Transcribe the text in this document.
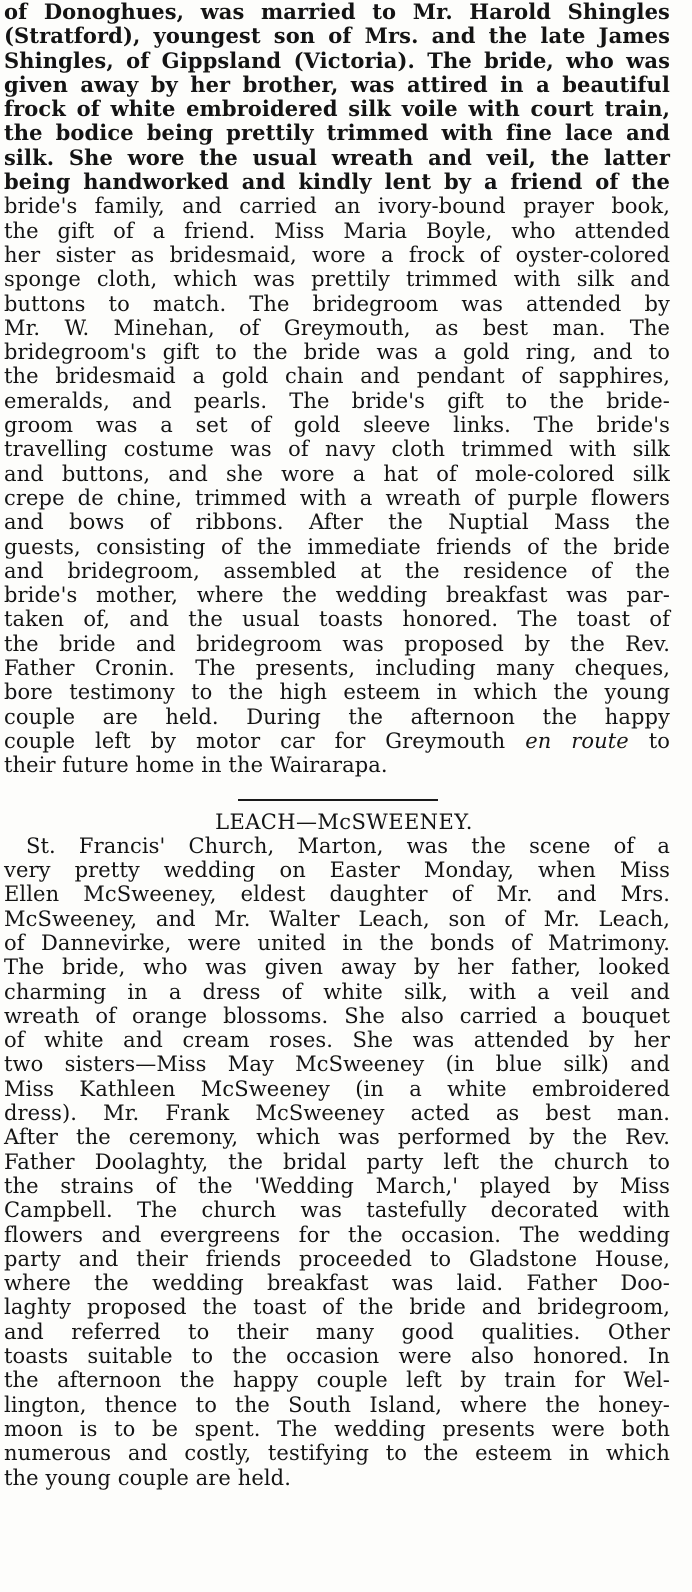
of Donoghues, was married to Mr. Harold Shingles
(Stratford), youngest son of Mrs. and the late James
Shingles, of Gippsland (Victoria). The bride, who was
given away by her brother, was attired in a beautiful
frock of white embroidered silk voile with court train,
the bodice being prettily trimmed with fine lace and
silk. She wore the usual wreath and veil, the latter
being handworked and kindly lent by a friend of the
bride's family, and carried an ivory-bound prayer book,
the gift of a friend. Miss Maria Boyle, who attended
her sister as bridesmaid, wore a frock of oyster-colored
sponge cloth, which was prettily trimmed with silk and
buttons to match. The bridegroom was attended by
Mr. W. Minehan, of Greymouth, as best man. The
bridegroom's gift to the bride was a gold ring, and to
the bridesmaid a gold chain and pendant of sapphires,
emeralds, and pearls. The bride's gift to the bride-
groom was a set of gold sleeve links. The bride's
travelling costume was of navy cloth trimmed with silk
and buttons, and she wore a hat of mole-colored silk
crepe de chine, trimmed with a wreath of purple flowers
and bows of ribbons. After the Nuptial Mass the
guests, consisting of the immediate friends of the bride
and bridegroom, assembled at the residence of the
bride's mother, where the wedding breakfast was par-
taken of, and the usual toasts honored. The toast of
the bride and bridegroom was proposed by the Rev.
Father Cronin. The presents, including many cheques,
bore testimony to the high esteem in which the young
couple are held. During the afternoon the happy
couple left by motor car for Greymouth en route to
their future home in the Wairarapa.
LEACH—McSWEENEY.
St. Francis' Church, Marton, was the scene of a
very pretty wedding on Easter Monday, when Miss
Ellen McSweeney, eldest daughter of Mr. and Mrs.
McSweeney, and Mr. Walter Leach, son of Mr. Leach,
of Dannevirke, were united in the bonds of Matrimony.
The bride, who was given away by her father, looked
charming in a dress of white silk, with a veil and
wreath of orange blossoms. She also carried a bouquet
of white and cream roses. She was attended by her
two sisters—Miss May McSweeney (in blue silk) and
Miss Kathleen McSweeney (in a white embroidered
dress). Mr. Frank McSweeney acted as best man.
After the ceremony, which was performed by the Rev.
Father Doolaghty, the bridal party left the church to
the strains of the 'Wedding March,' played by Miss
Campbell. The church was tastefully decorated with
flowers and evergreens for the occasion. The wedding
party and their friends proceeded to Gladstone House,
where the wedding breakfast was laid. Father Doo-
laghty proposed the toast of the bride and bridegroom,
and referred to their many good qualities. Other
toasts suitable to the occasion were also honored. In
the afternoon the happy couple left by train for Wel-
lington, thence to the South Island, where the honey-
moon is to be spent. The wedding presents were both
numerous and costly, testifying to the esteem in which
the young couple are held.
